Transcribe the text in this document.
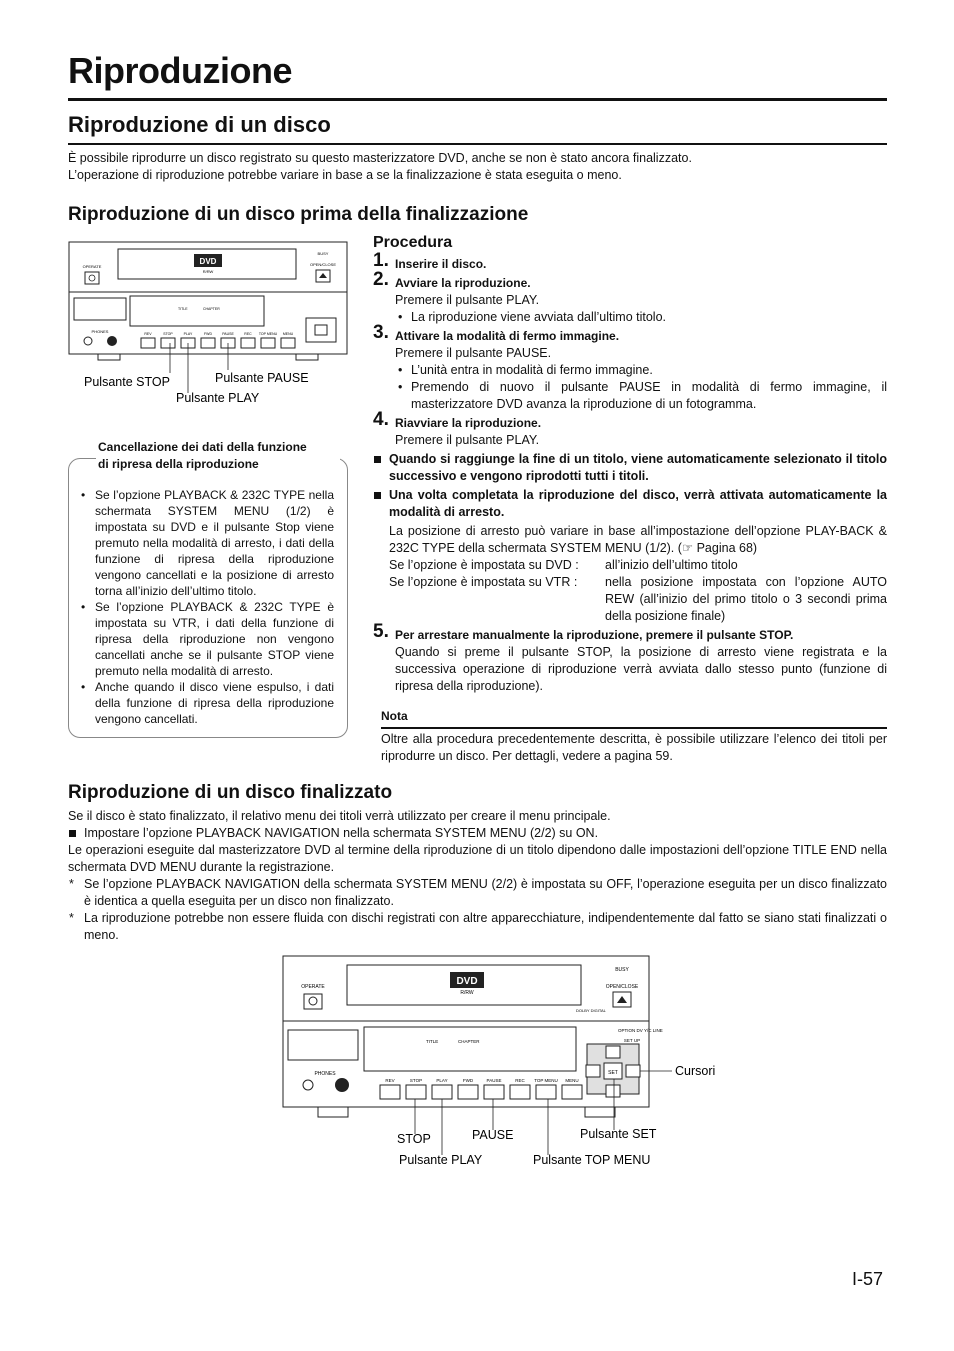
Riproduzione
Riproduzione di un disco
È possibile riprodurre un disco registrato su questo masterizzatore DVD, anche se non è stato ancora finalizzato.
L’operazione di riproduzione potrebbe variare in base a se la finalizzazione è stata eseguita o meno.
Riproduzione di un disco prima della finalizzazione
DVD
R/RW
OPERATE
BUSY
OPEN/CLOSE
PHONES
TITLE	CHAPTER
REV	STOP	PLAY	FWD	PAUSE	REC TOP MENU MENU
Pulsante STOP	Pulsante PAUSE
Pulsante PLAY
Cancellazione dei dati della funzione
di ripresa della riproduzione
• Se l’opzione PLAYBACK & 232C TYPE nella schermata SYSTEM MENU (1/2) è impostata su DVD e il pulsante Stop viene premuto nella modalità di arresto, i dati della funzione di ripresa della riproduzione vengono cancellati e la posizione di arresto torna all’inizio dell’ultimo titolo.
• Se l’opzione PLAYBACK & 232C TYPE è impostata su VTR, i dati della funzione di ripresa della riproduzione non vengono cancellati anche se il pulsante STOP viene premuto nella modalità di arresto.
• Anche quando il disco viene espulso, i dati della funzione di ripresa della riproduzione vengono cancellati.
Procedura
1. Inserire il disco.
2. Avviare la riproduzione.
Premere il pulsante PLAY.
• La riproduzione viene avviata dall’ultimo titolo.
3. Attivare la modalità di fermo immagine.
Premere il pulsante PAUSE.
• L’unità entra in modalità di fermo immagine.
• Premendo di nuovo il pulsante PAUSE in modalità di fermo immagine, il masterizzatore DVD avanza la riproduzione di un fotogramma.
4. Riavviare la riproduzione.
Premere il pulsante PLAY.
Quando si raggiunge la fine di un titolo, viene automaticamente selezionato il titolo successivo e vengono riprodotti tutti i titoli.
Una volta completata la riproduzione del disco, verrà attivata automaticamente la modalità di arresto.
La posizione di arresto può variare in base all’impostazione dell’opzione PLAY-BACK & 232C TYPE della schermata SYSTEM MENU (1/2). (☞ Pagina 68)
Se l’opzione è impostata su DVD :	all’inizio dell’ultimo titolo
Se l’opzione è impostata su VTR :	nella posizione impostata con l’opzione AUTO REW (all’inizio del primo titolo o 3 secondi prima della posizione finale)
5. Per arrestare manualmente la riproduzione, premere il pulsante STOP.
Quando si preme il pulsante STOP, la posizione di arresto viene registrata e la successiva operazione di riproduzione verrà avviata dallo stesso punto (funzione di ripresa della riproduzione).
Nota
Oltre alla procedura precedentemente descritta, è possibile utilizzare l’elenco dei titoli per riprodurre un disco. Per dettagli, vedere a pagina 59.
Riproduzione di un disco finalizzato
Se il disco è stato finalizzato, il relativo menu dei titoli verrà utilizzato per creare il menu principale.
Impostare l’opzione PLAYBACK NAVIGATION nella schermata SYSTEM MENU (2/2) su ON.
Le operazioni eseguite dal masterizzatore DVD al termine della riproduzione di un titolo dipendono dalle impostazioni dell’opzione TITLE END nella schermata DVD MENU durante la registrazione.
* Se l’opzione PLAYBACK NAVIGATION della schermata SYSTEM MENU (2/2) è impostata su OFF, l’operazione eseguita per un disco finalizzato è identica a quella eseguita per un disco non finalizzato.
* La riproduzione potrebbe non essere fluida con dischi registrati con altre apparecchiature, indipendentemente dal fatto se siano stati finalizzati o meno.
DVD
R/RW
OPERATE
BUSY
OPEN/CLOSE
DOLBY DIGITAL
OPTION DV Y/C LINE
SET UP
PHONES
TITLE	CHAPTER
REV	STOP	PLAY	FWD	PAUSE	REC TOP MENU MENU
SET	Cursori
STOP	PAUSE	Pulsante SET
Pulsante PLAY	Pulsante TOP MENU
I-57
